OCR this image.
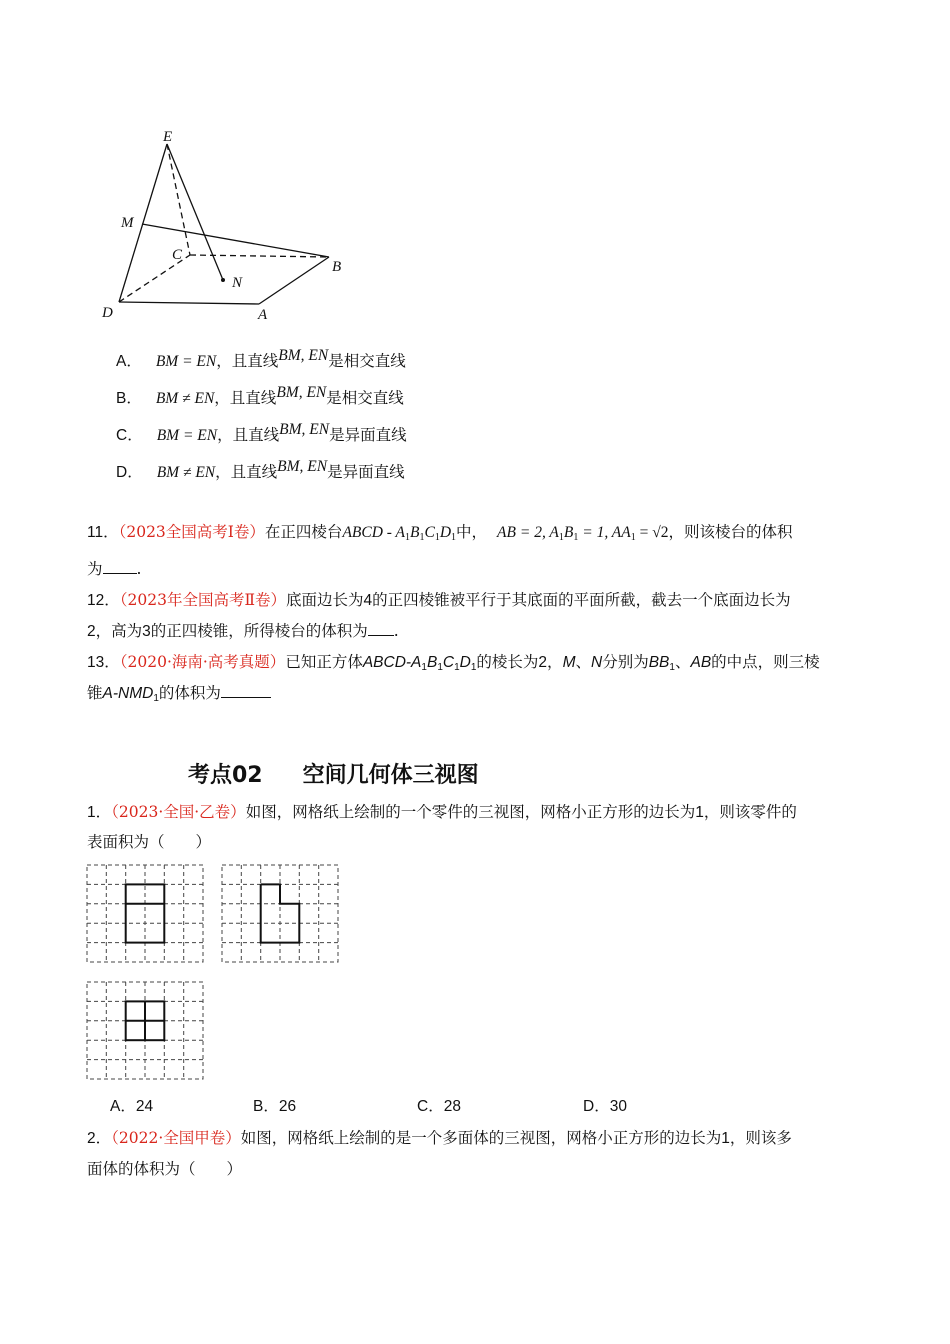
E
M
C
N
B
D	A
A． BM = EN，且直线BM, EN是相交直线
B． BM ≠ EN，且直线BM, EN是相交直线
C． BM = EN，且直线BM, EN是异面直线
D． BM ≠ EN，且直线BM, EN是异面直线
11．（2023全国高考Ⅰ卷）在正四棱台ABCD - $A_1B_1C_1D_1$中， AB = 2, $A_1B_1 = 1$, $AA_1 = √2$，则该棱台的体积
为 .
12．（2023年全国高考Ⅱ卷）底面边长为4的正四棱锥被平行于其底面的平面所截，截去一个底面边长为
2，高为3的正四棱锥，所得棱台的体积为 .
13．（2020·海南·高考真题）已知正方体ABCD-$A_1B_1C_1D_1$的棱长为2，M、N分别为$BB_1$、AB的中点，则三棱
锥$A-NMD_1$的体积为
考点02 空间几何体三视图
1．（2023·全国·乙卷）如图，网格纸上绘制的一个零件的三视图，网格小正方形的边长为1，则该零件的
表面积为（　　）
A．24	B．26	C．28	D．30
2．（2022·全国甲卷）如图，网格纸上绘制的是一个多面体的三视图，网格小正方形的边长为1，则该多
面体的体积为（　　）
